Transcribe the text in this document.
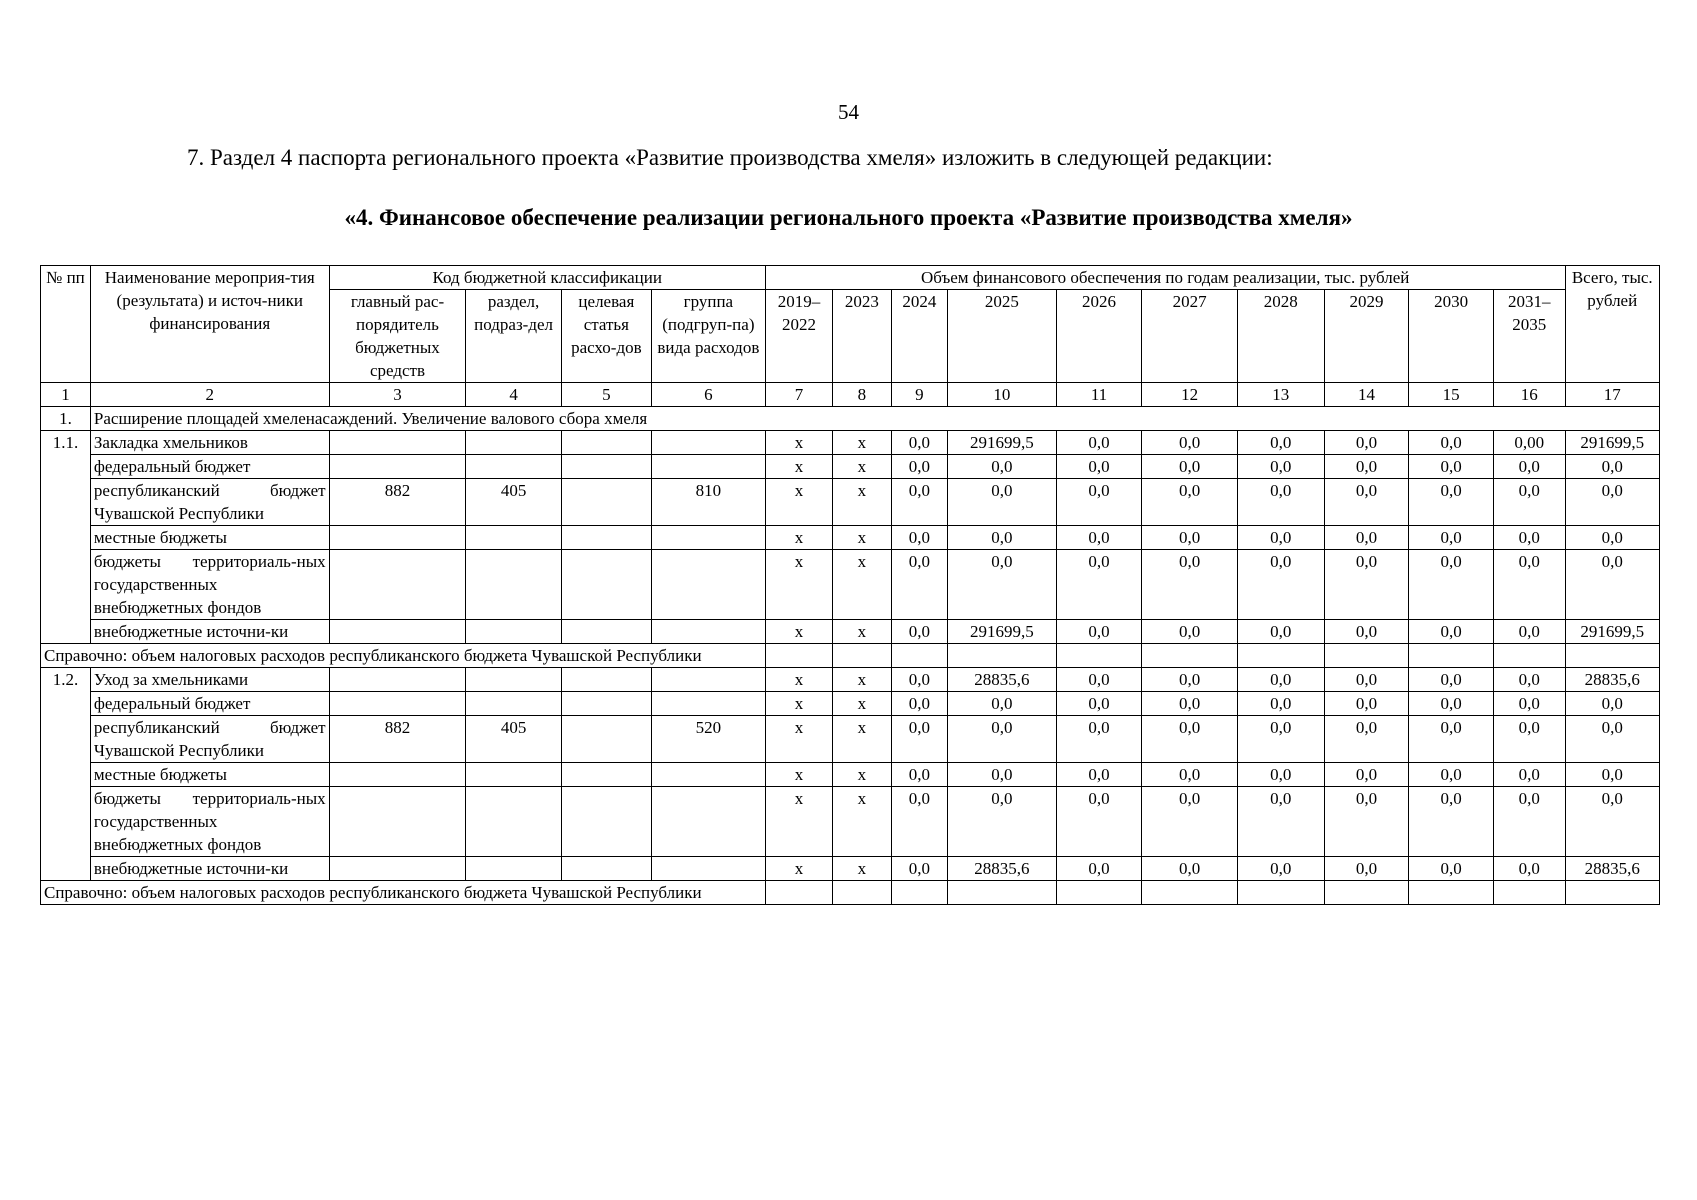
54
7. Раздел 4 паспорта регионального проекта «Развитие производства хмеля» изложить в следующей редакции:
«4. Финансовое обеспечение реализации регионального проекта «Развитие производства хмеля»
№ пп	Наименование мероприя-тия (результата) и источ-ники финансирования	Код бюджетной классификации				Объем финансового обеспечения по годам реализации, тыс. рублей										Всего, тыс. рублей
		главный рас-порядитель бюджетных средств	раздел, подраз-дел	целевая статья расхо-дов	группа (подгруп-па) вида расходов	2019–2022	2023	2024	2025	2026	2027	2028	2029	2030	2031–2035	
1	2	3	4	5	6	7	8	9	10	11	12	13	14	15	16	17
1.	Расширение площадей хмеленасаждений. Увеличение валового сбора хмеля															
1.1.	Закладка хмельников					x	x	0,0	291699,5	0,0	0,0	0,0	0,0	0,0	0,00	291699,5
	федеральный бюджет					x	x	0,0	0,0	0,0	0,0	0,0	0,0	0,0	0,0	0,0
	республиканский бюджет Чувашской Республики	882	405		810	x	x	0,0	0,0	0,0	0,0	0,0	0,0	0,0	0,0	0,0
	местные бюджеты					x	x	0,0	0,0	0,0	0,0	0,0	0,0	0,0	0,0	0,0
	бюджеты территориаль-ных государственных внебюджетных фондов					x	x	0,0	0,0	0,0	0,0	0,0	0,0	0,0	0,0	0,0
	внебюджетные источни-ки					x	x	0,0	291699,5	0,0	0,0	0,0	0,0	0,0	0,0	291699,5
Справочно: объем налоговых расходов республиканского бюджета Чувашской Республики																
1.2.	Уход за хмельниками					x	x	0,0	28835,6	0,0	0,0	0,0	0,0	0,0	0,0	28835,6
	федеральный бюджет					x	x	0,0	0,0	0,0	0,0	0,0	0,0	0,0	0,0	0,0
	республиканский бюджет Чувашской Республики	882	405		520	x	x	0,0	0,0	0,0	0,0	0,0	0,0	0,0	0,0	0,0
	местные бюджеты					x	x	0,0	0,0	0,0	0,0	0,0	0,0	0,0	0,0	0,0
	бюджеты территориаль-ных государственных внебюджетных фондов					x	x	0,0	0,0	0,0	0,0	0,0	0,0	0,0	0,0	0,0
	внебюджетные источни-ки					x	x	0,0	28835,6	0,0	0,0	0,0	0,0	0,0	0,0	28835,6
Справочно: объем налоговых расходов республиканского бюджета Чувашской Республики																
